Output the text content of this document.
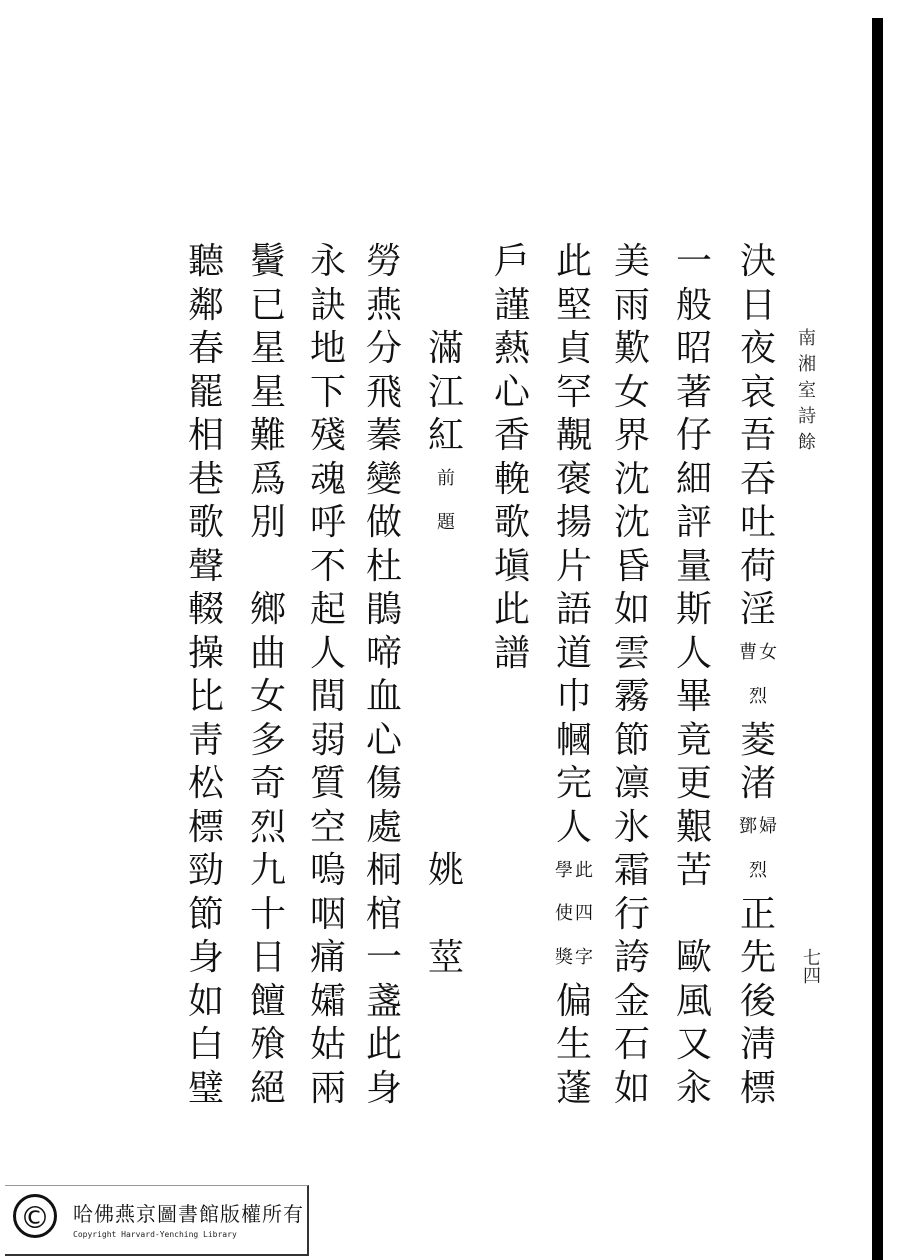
南湘室詩餘
七四
決
日
夜
哀
吾
吞
吐
荷
淫
女
曹
烈
菱
渚
婦
鄧
烈
正
先
後
淸
標
一
般
昭
著
仔
細
評
量
斯
人
畢
竟
更
艱
苦
歐
風
又
汆
美
雨
歎
女
界
沈
沈
昏
如
雲
霧
節
凛
氷
霜
行
誇
金
石
如
此
堅
貞
罕
覯
褒
揚
片
語
道
巾
幗
完
人
此
學
四
使
字
獎
偏
生
蓬
戶
謹
爇
心
香
輓
歌
塡
此
譜
滿
江
紅
前
題
姚
莖
勞
燕
分
飛
蓁
變
做
杜
鵑
啼
血
心
傷
處
桐
棺
一
盞
此
身
永
訣
地
下
殘
魂
呼
不
起
人
間
弱
質
空
嗚
咽
痛
孀
姑
兩
鬢
已
星
星
難
爲
別
鄉
曲
女
多
奇
烈
九
十
日
饘
飱
絕
聽
鄰
春
罷
相
巷
歌
聲
輟
操
比
靑
松
標
勁
節
身
如
白
璧
©	哈佛燕京圖書館版權所有
Copyright Harvard-Yenching Library
